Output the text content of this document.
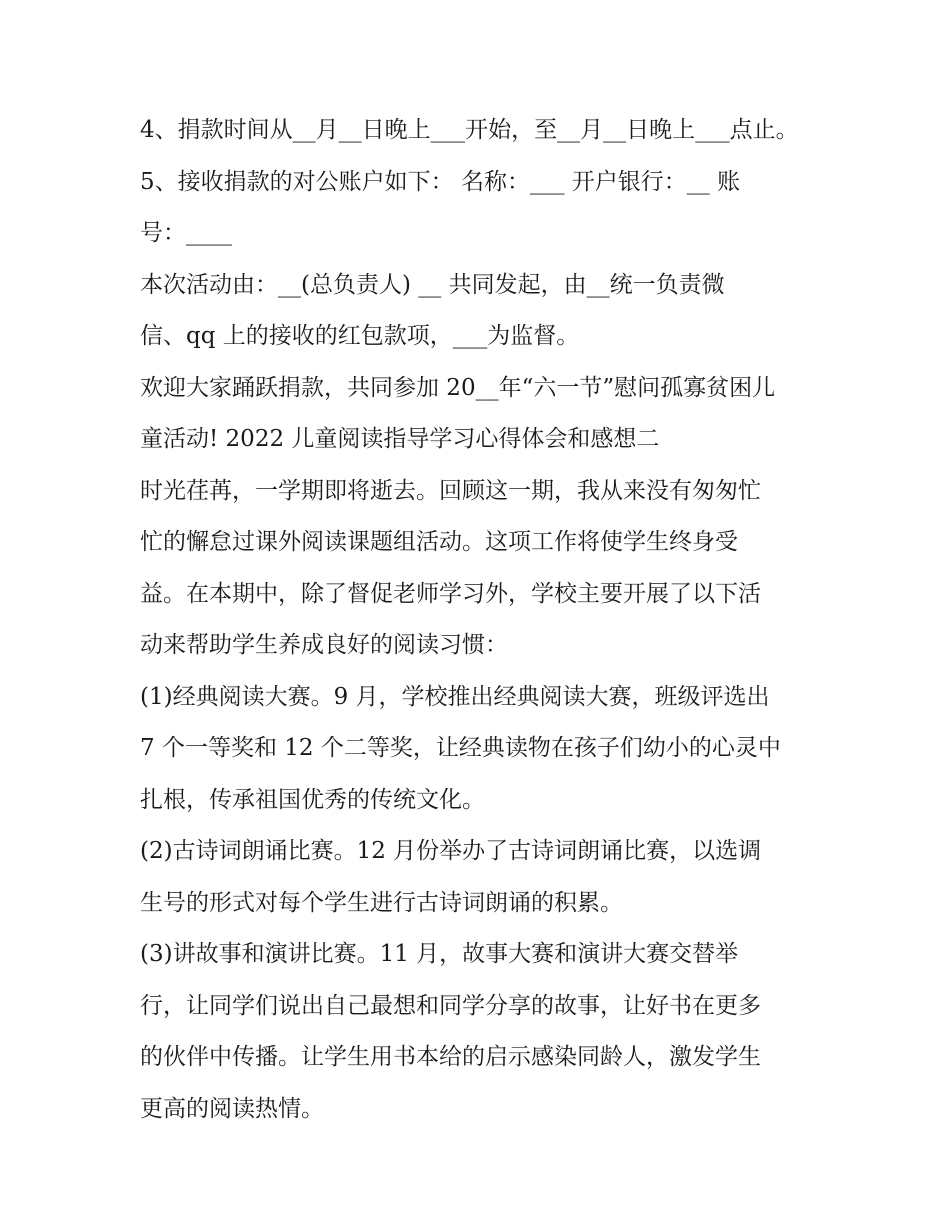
4、捐款时间从__月__日晚上___开始，至__月__日晚上___点止。
5、接收捐款的对公账户如下： 名称：___ 开户银行：__ 账
号：____
本次活动由：__(总负责人) __ 共同发起，由__统一负责微
信、qq 上的接收的红包款项，___为监督。
欢迎大家踊跃捐款，共同参加 20__年“六一节”慰问孤寡贫困儿
童活动! 2022 儿童阅读指导学习心得体会和感想二
时光荏苒，一学期即将逝去。回顾这一期，我从来没有匆匆忙
忙的懈怠过课外阅读课题组活动。这项工作将使学生终身受
益。在本期中，除了督促老师学习外，学校主要开展了以下活
动来帮助学生养成良好的阅读习惯：
(1)经典阅读大赛。9 月，学校推出经典阅读大赛，班级评选出
7 个一等奖和 12 个二等奖，让经典读物在孩子们幼小的心灵中
扎根，传承祖国优秀的传统文化。
(2)古诗词朗诵比赛。12 月份举办了古诗词朗诵比赛，以选调
生号的形式对每个学生进行古诗词朗诵的积累。
(3)讲故事和演讲比赛。11 月，故事大赛和演讲大赛交替举
行，让同学们说出自己最想和同学分享的故事，让好书在更多
的伙伴中传播。让学生用书本给的启示感染同龄人，激发学生
更高的阅读热情。
